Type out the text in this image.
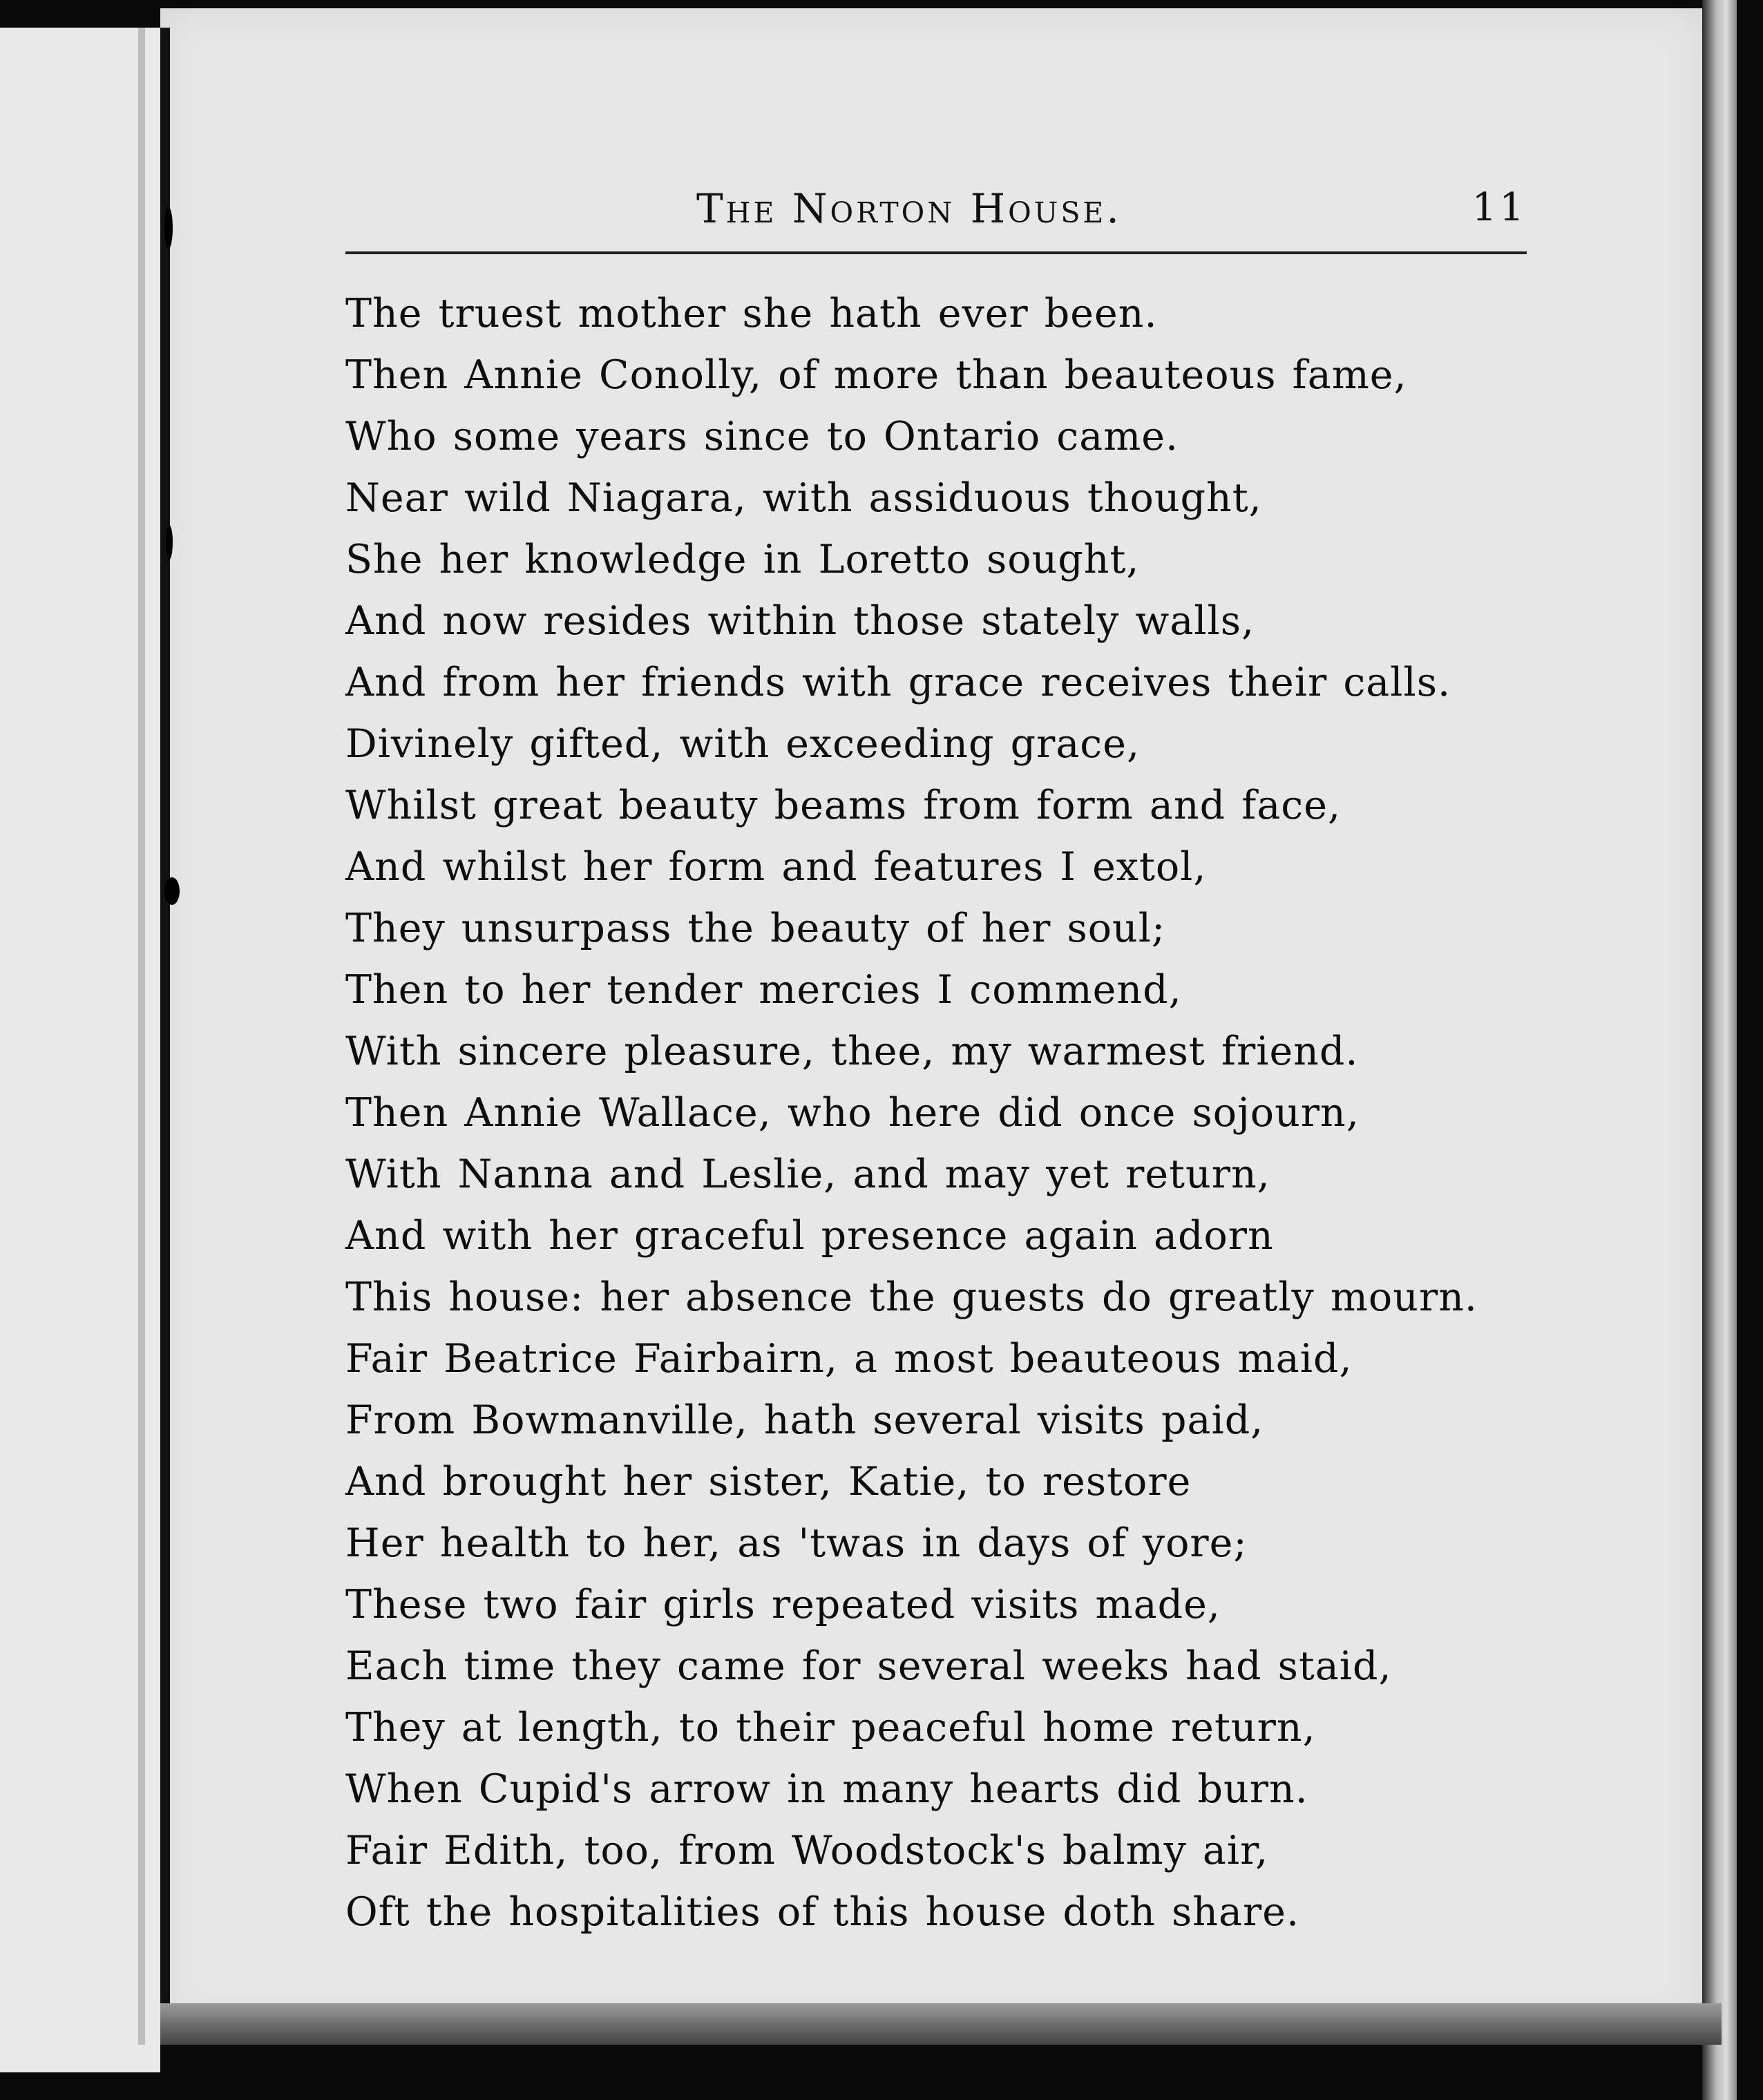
The Norton House.	11
The truest mother she hath ever been.
Then Annie Conolly, of more than beauteous fame,
Who some years since to Ontario came.
Near wild Niagara, with assiduous thought,
She her knowledge in Loretto sought,
And now resides within those stately walls,
And from her friends with grace receives their calls.
Divinely gifted, with exceeding grace,
Whilst great beauty beams from form and face,
And whilst her form and features I extol,
They unsurpass the beauty of her soul;
Then to her tender mercies I commend,
With sincere pleasure, thee, my warmest friend.
Then Annie Wallace, who here did once sojourn,
With Nanna and Leslie, and may yet return,
And with her graceful presence again adorn
This house: her absence the guests do greatly mourn.
Fair Beatrice Fairbairn, a most beauteous maid,
From Bowmanville, hath several visits paid,
And brought her sister, Katie, to restore
Her health to her, as 'twas in days of yore;
These two fair girls repeated visits made,
Each time they came for several weeks had staid,
They at length, to their peaceful home return,
When Cupid's arrow in many hearts did burn.
Fair Edith, too, from Woodstock's balmy air,
Oft the hospitalities of this house doth share.
